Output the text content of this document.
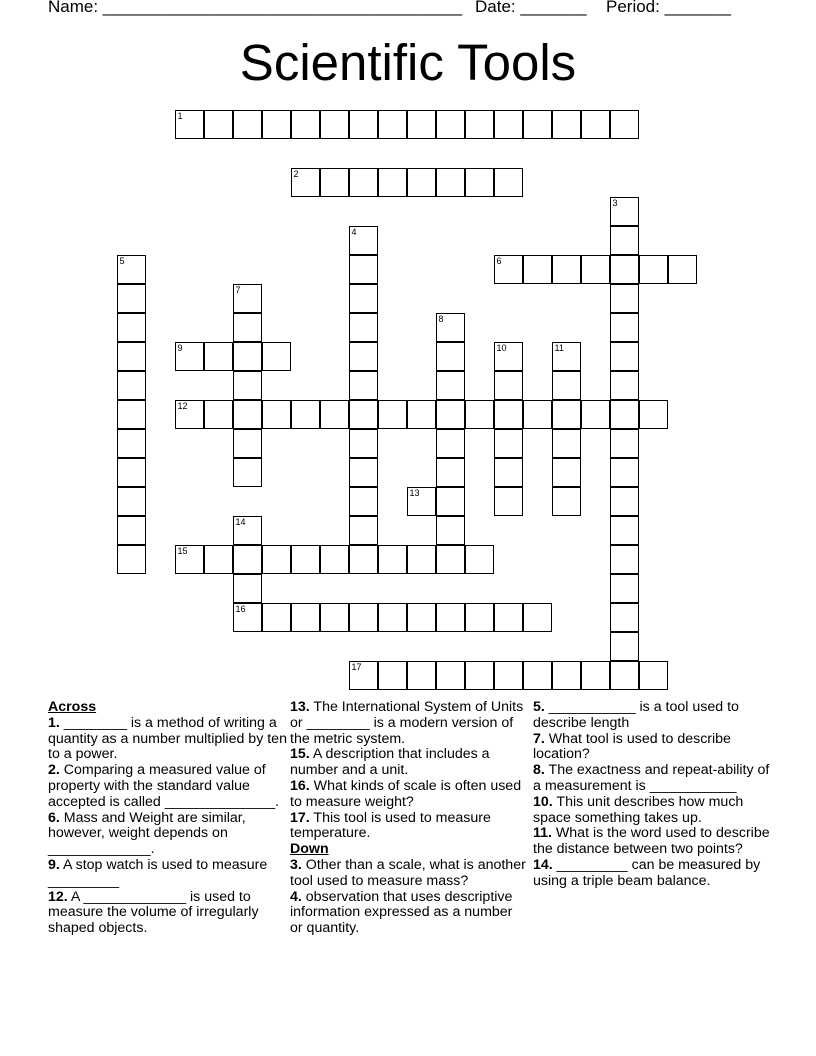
Name: ______________________________________ Date: _______ Period: _______
Scientific Tools
1
2
6
9
12
13
15
16
17
3
4
5
7
8
10	11
14
Across

1. ________ is a method of writing a quantity as a number multiplied by ten to a power.

2. Comparing a measured value of property with the standard value accepted is called ______________.

6. Mass and Weight are similar, however, weight depends on _____________.

9. A stop watch is used to measure _________

12. A _____________ is used to measure the volume of irregularly shaped objects.

13. The International System of Units or ________ is a modern version of the metric system.

15. A description that includes a number and a unit.

16. What kinds of scale is often used to measure weight?

17. This tool is used to measure temperature.

Down

3. Other than a scale, what is another tool used to measure mass?

4. observation that uses descriptive information expressed as a number or quantity.

5. ___________ is a tool used to describe length

7. What tool is used to describe location?

8. The exactness and repeat-ability of a measurement is ___________

10. This unit describes how much space something takes up.

11. What is the word used to describe the distance between two points?

14. _________ can be measured by using a triple beam balance.
